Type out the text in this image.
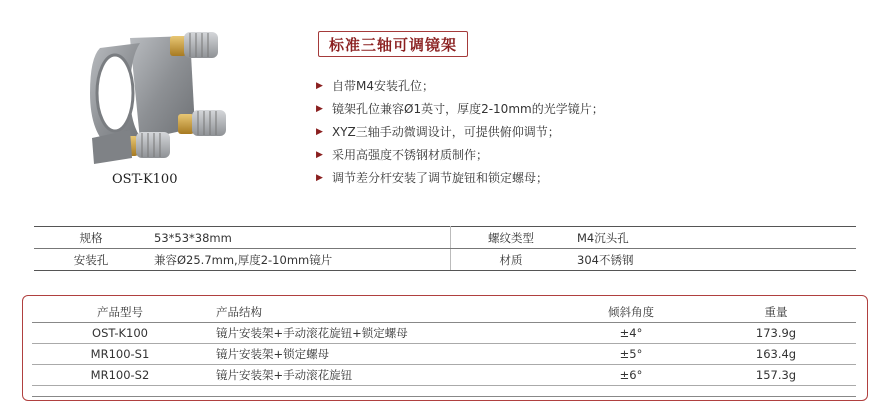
OST-K100
标准三轴可调镜架
▶ 自带M4安装孔位；
▶ 镜架孔位兼容Ø1英寸，厚度2-10mm的光学镜片；
▶ XYZ三轴手动微调设计，可提供俯仰调节；
▶ 采用高强度不锈钢材质制作；
▶ 调节差分杆安装了调节旋钮和锁定螺母；
规格	53*53*38mm	螺纹类型	M4沉头孔
安装孔	兼容Ø25.7mm,厚度2-10mm镜片	材质	304不锈钢
产品型号	产品结构	倾斜角度	重量
OST-K100	镜片安装架+手动滚花旋钮+锁定螺母	±4°	173.9g
MR100-S1	镜片安装架+锁定螺母	±5°	163.4g
MR100-S2	镜片安装架+手动滚花旋钮	±6°	157.3g
